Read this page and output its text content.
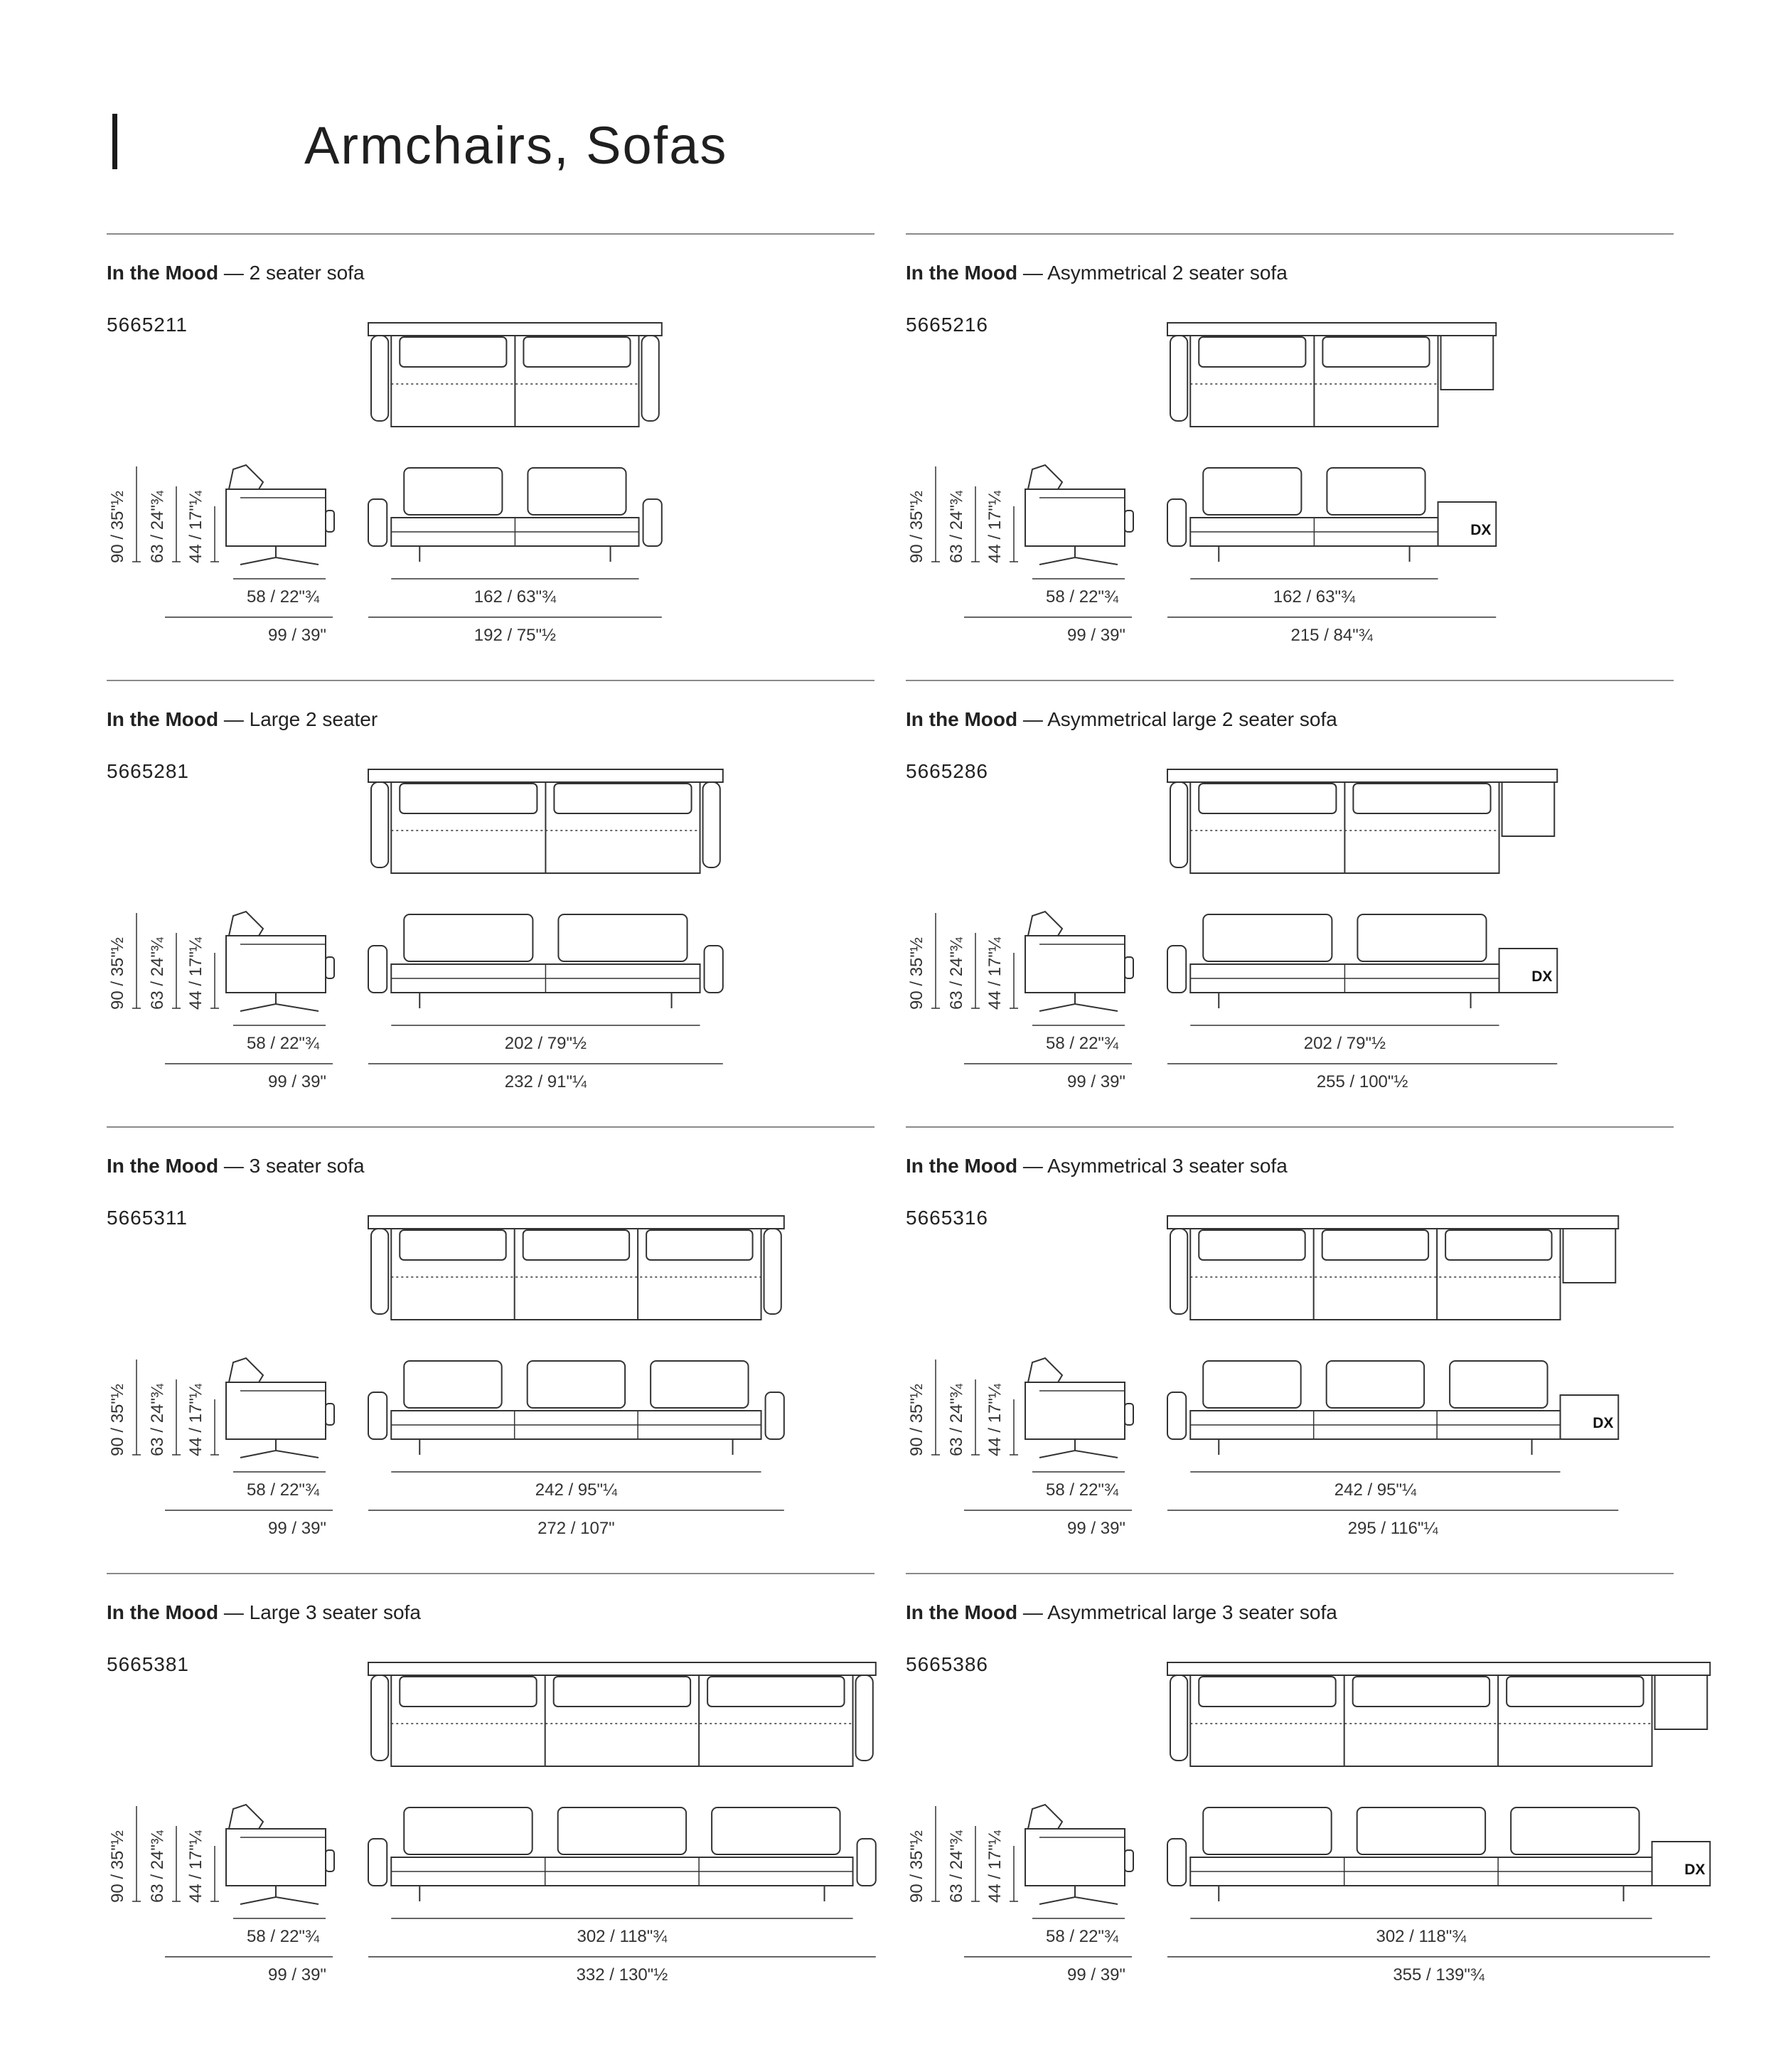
Armchairs, Sofas
In the Mood — 2 seater sofa
5665211
90 / 35"½ 63 / 24"¾ 44 / 17"¼
58 / 22"¾
99 / 39"
162 / 63"¾
192 / 75"½
In the Mood — Asymmetrical 2 seater sofa
5665216
90 / 35"½ 63 / 24"¾ 44 / 17"¼
58 / 22"¾
99 / 39"
162 / 63"¾
215 / 84"¾
DX
In the Mood — Large 2 seater
5665281
90 / 35"½ 63 / 24"¾ 44 / 17"¼
58 / 22"¾
99 / 39"
202 / 79"½
232 / 91"¼
In the Mood — Asymmetrical large 2 seater sofa
5665286
90 / 35"½ 63 / 24"¾ 44 / 17"¼
58 / 22"¾
99 / 39"
202 / 79"½
255 / 100"½
DX
In the Mood — 3 seater sofa
5665311
90 / 35"½ 63 / 24"¾ 44 / 17"¼
58 / 22"¾
99 / 39"
242 / 95"¼
272 / 107"
In the Mood — Asymmetrical 3 seater sofa
5665316
90 / 35"½ 63 / 24"¾ 44 / 17"¼
58 / 22"¾
99 / 39"
242 / 95"¼
295 / 116"¼
DX
In the Mood — Large 3 seater sofa
5665381
90 / 35"½ 63 / 24"¾ 44 / 17"¼
58 / 22"¾
99 / 39"
302 / 118"¾
332 / 130"½
In the Mood — Asymmetrical large 3 seater sofa
5665386
90 / 35"½ 63 / 24"¾ 44 / 17"¼
58 / 22"¾
99 / 39"
302 / 118"¾
355 / 139"¾
DX
